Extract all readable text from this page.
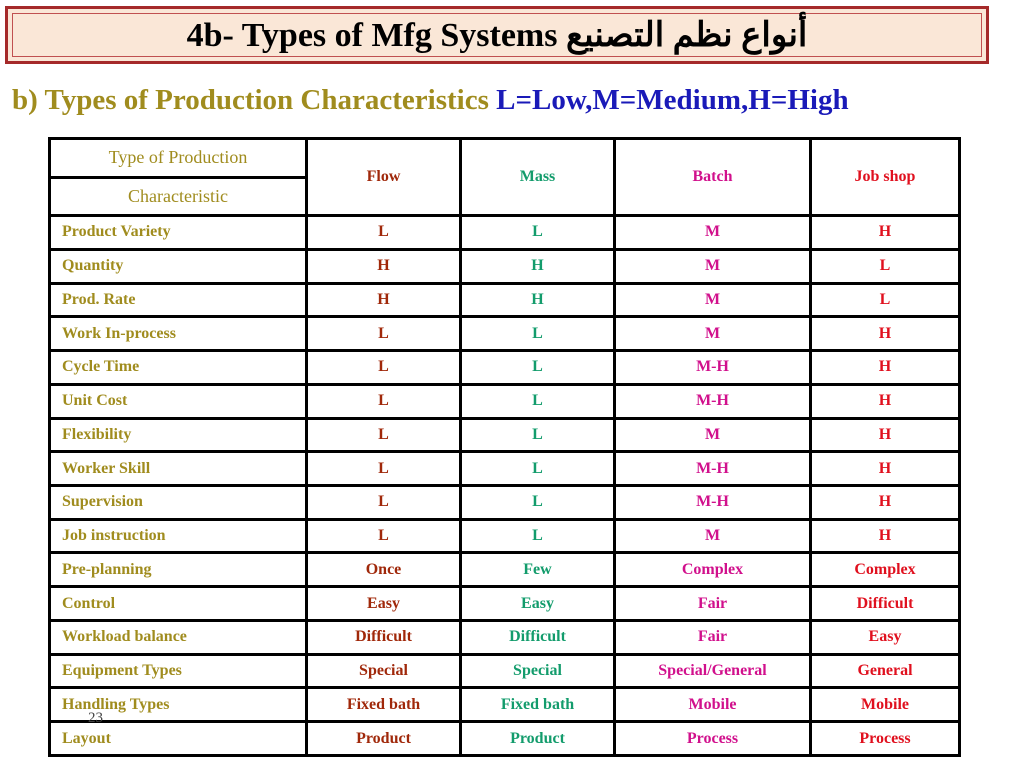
4b- Types of Mfg Systems أنواع نظم التصنيع
b) Types of Production Characteristics L=Low,M=Medium,H=High
Type of Production	Flow	Mass	Batch	Job shop
Characteristic				
Product Variety	L	L	M	H
Quantity	H	H	M	L
Prod. Rate	H	H	M	L
Work In-process	L	L	M	H
Cycle Time	L	L	M-H	H
Unit Cost	L	L	M-H	H
Flexibility	L	L	M	H
Worker Skill	L	L	M-H	H
Supervision	L	L	M-H	H
Job instruction	L	L	M	H
Pre-planning	Once	Few	Complex	Complex
Control	Easy	Easy	Fair	Difficult
Workload balance	Difficult	Difficult	Fair	Easy
Equipment Types	Special	Special	Special/General	General
Handling Types	Fixed bath	Fixed bath	Mobile	Mobile
Layout	Product	Product	Process	Process
23
